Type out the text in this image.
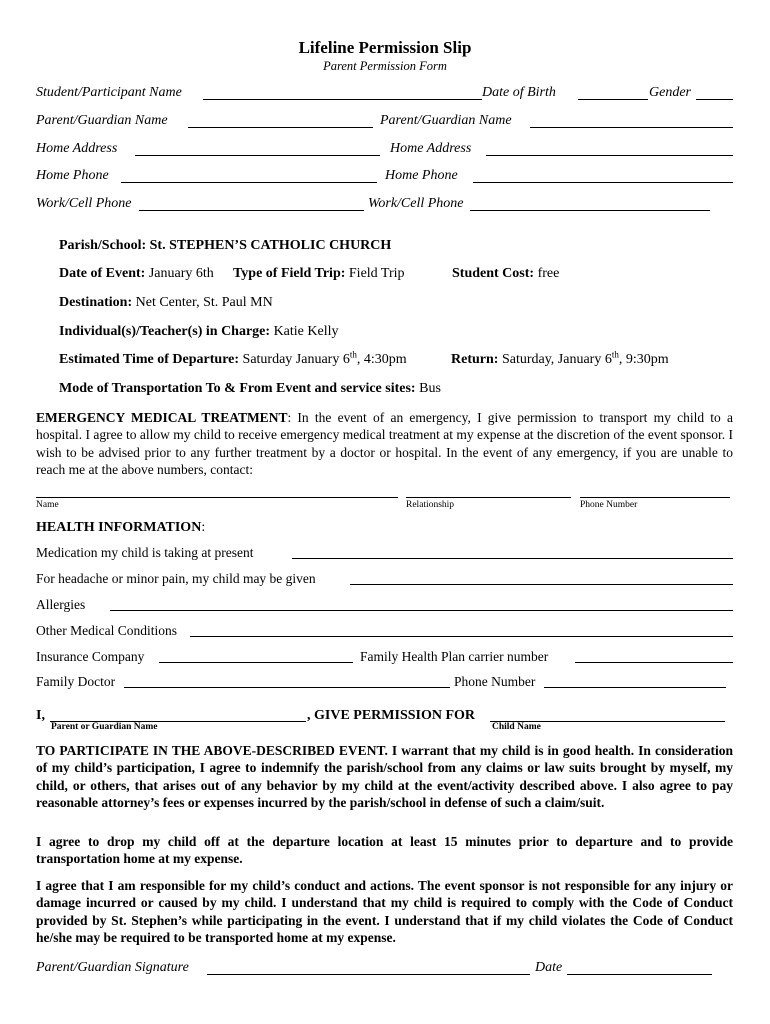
Lifeline Permission Slip
Parent Permission Form
Student/Participant Name	Date of Birth	Gender
Parent/Guardian Name	Parent/Guardian Name
Home Address	Home Address
Home Phone	Home Phone
Work/Cell Phone	Work/Cell Phone
Parish/School: St. STEPHEN’S CATHOLIC CHURCH
Date of Event: January 6th Type of Field Trip: Field Trip	Student Cost: free
Destination: Net Center, St. Paul MN
Individual(s)/Teacher(s) in Charge: Katie Kelly
Estimated Time of Departure: Saturday January 6th, 4:30pm	Return: Saturday, January 6th, 9:30pm
Mode of Transportation To & From Event and service sites: Bus
EMERGENCY MEDICAL TREATMENT: In the event of an emergency, I give permission to transport my child to a hospital. I agree to allow my child to receive emergency medical treatment at my expense at the discretion of the event sponsor. I wish to be advised prior to any further treatment by a doctor or hospital. In the event of any emergency, if you are unable to reach me at the above numbers, contact:
Name	Relationship	Phone Number
HEALTH INFORMATION:
Medication my child is taking at present
For headache or minor pain, my child may be given
Allergies
Other Medical Conditions
Insurance Company	Family Health Plan carrier number
Family Doctor	Phone Number
I,	, GIVE PERMISSION FOR
Parent or Guardian Name	Child Name
TO PARTICIPATE IN THE ABOVE-DESCRIBED EVENT. I warrant that my child is in good health. In consideration of my child’s participation, I agree to indemnify the parish/school from any claims or law suits brought by myself, my child, or others, that arises out of any behavior by my child at the event/activity described above. I also agree to pay reasonable attorney’s fees or expenses incurred by the parish/school in defense of such a claim/suit.
I agree to drop my child off at the departure location at least 15 minutes prior to departure and to provide transportation home at my expense.
I agree that I am responsible for my child’s conduct and actions. The event sponsor is not responsible for any injury or damage incurred or caused by my child. I understand that my child is required to comply with the Code of Conduct provided by St. Stephen’s while participating in the event. I understand that if my child violates the Code of Conduct he/she may be required to be transported home at my expense.
Parent/Guardian Signature	Date
